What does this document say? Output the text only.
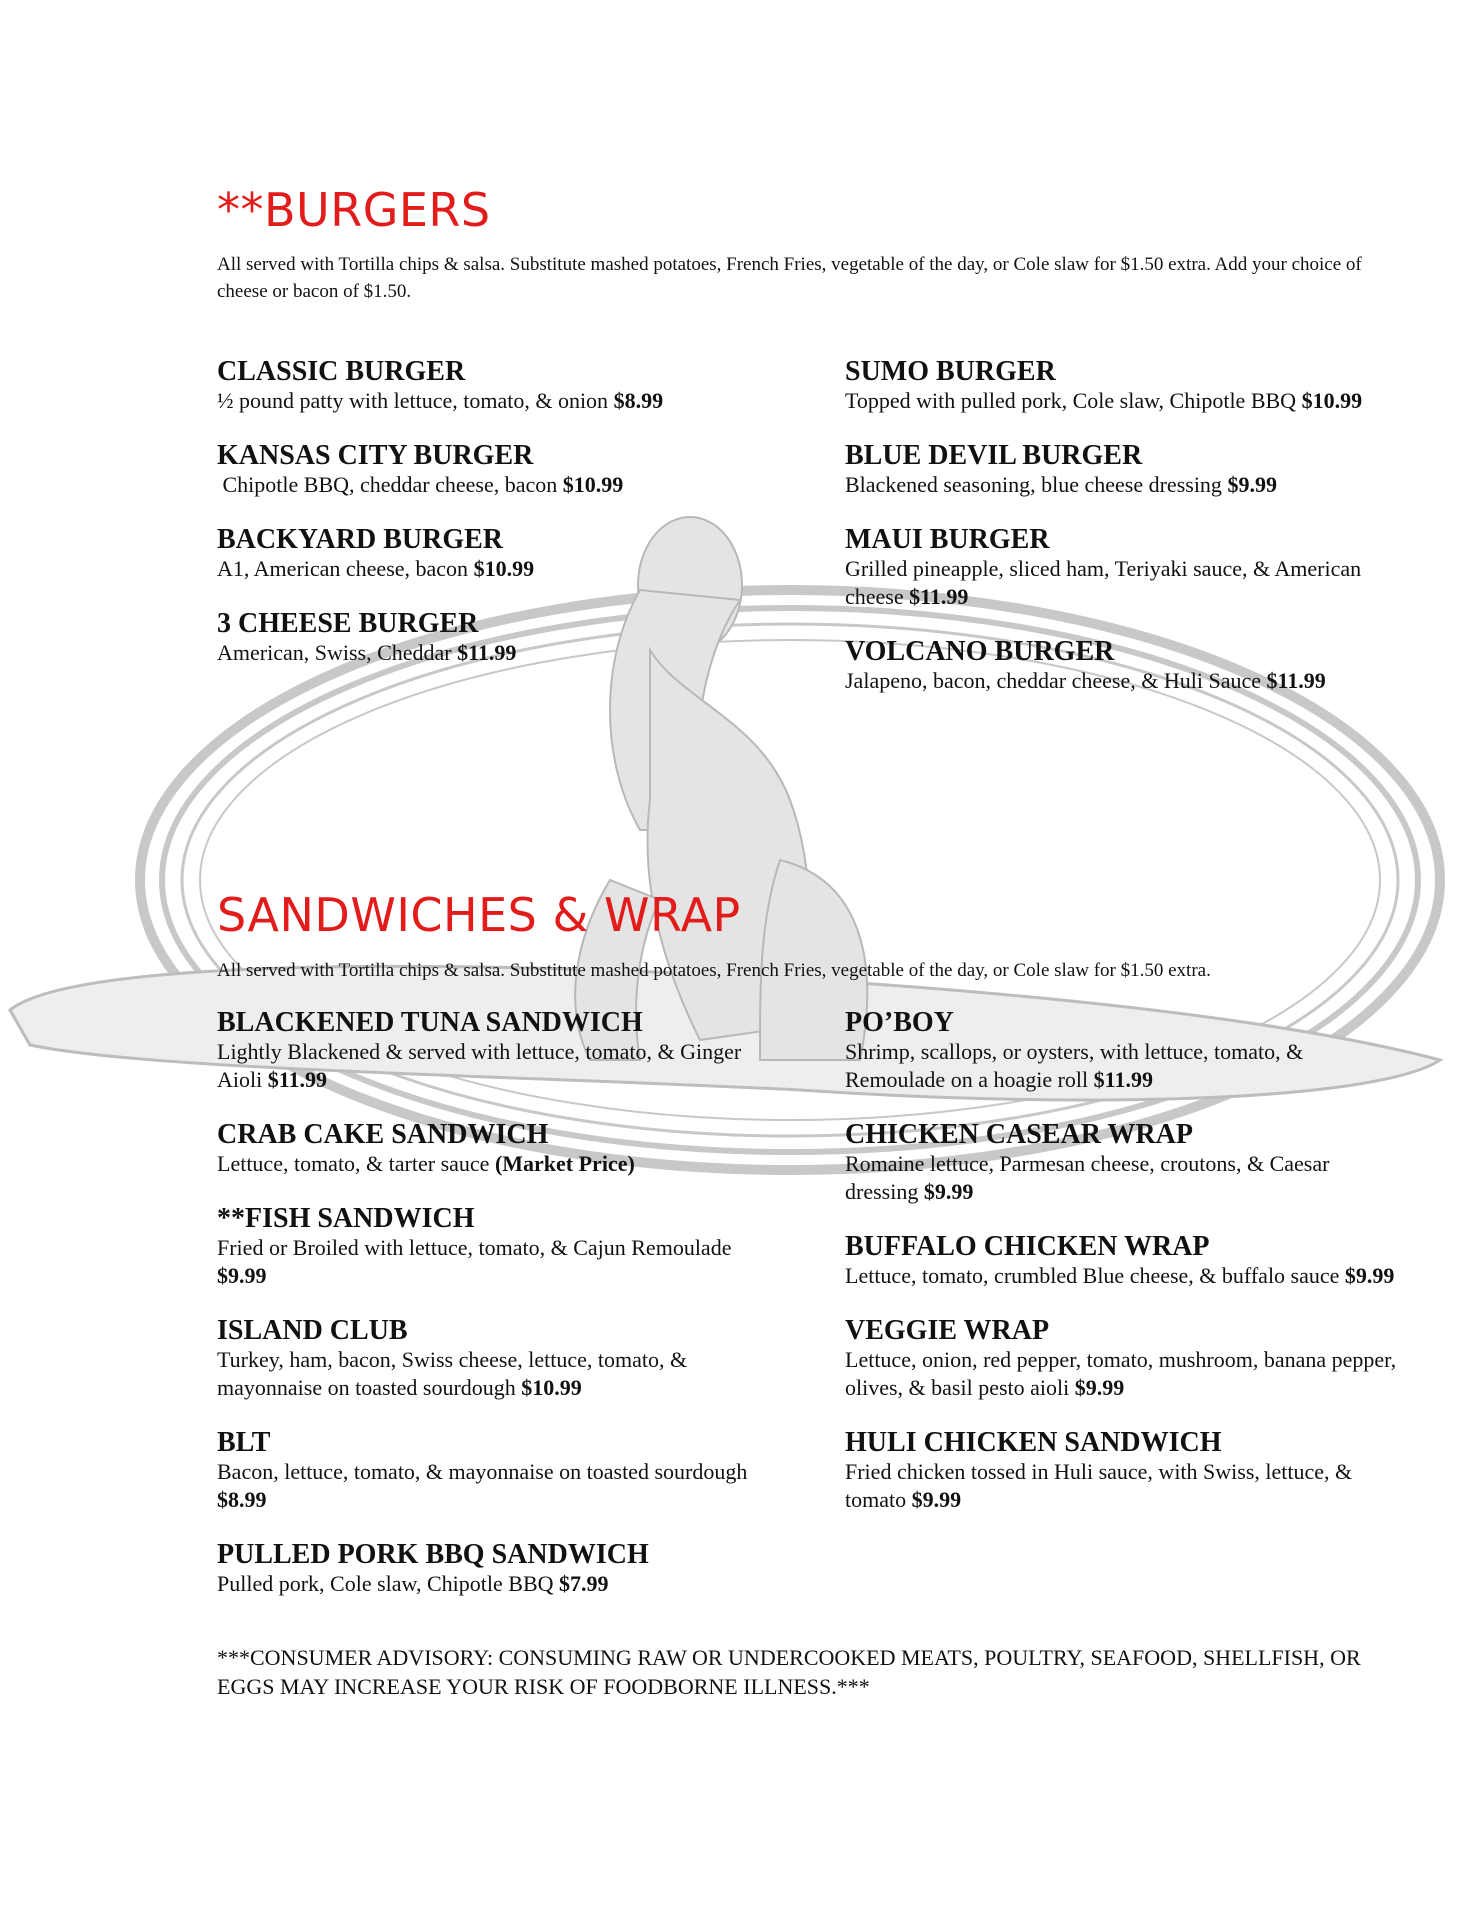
**BURGERS

All served with Tortilla chips & salsa. Substitute mashed potatoes, French Fries, vegetable of the day, or Cole slaw for $1.50 extra. Add your choice of cheese or bacon of $1.50.

CLASSIC BURGER
½ pound patty with lettuce, tomato, & onion $8.99
KANSAS CITY BURGER
Chipotle BBQ, cheddar cheese, bacon $10.99
BACKYARD BURGER
A1, American cheese, bacon $10.99
3 CHEESE BURGER
American, Swiss, Cheddar $11.99
SUMO BURGER
Topped with pulled pork, Cole slaw, Chipotle BBQ $10.99
BLUE DEVIL BURGER
Blackened seasoning, blue cheese dressing $9.99
MAUI BURGER
Grilled pineapple, sliced ham, Teriyaki sauce, & American cheese $11.99
VOLCANO BURGER
Jalapeno, bacon, cheddar cheese, & Huli Sauce $11.99
SANDWICHES & WRAP

All served with Tortilla chips & salsa. Substitute mashed potatoes, French Fries, vegetable of the day, or Cole slaw for $1.50 extra.

BLACKENED TUNA SANDWICH
Lightly Blackened & served with lettuce, tomato, & Ginger Aioli $11.99
CRAB CAKE SANDWICH
Lettuce, tomato, & tarter sauce (Market Price)
**FISH SANDWICH
Fried or Broiled with lettuce, tomato, & Cajun Remoulade $9.99
ISLAND CLUB
Turkey, ham, bacon, Swiss cheese, lettuce, tomato, & mayonnaise on toasted sourdough $10.99
BLT
Bacon, lettuce, tomato, & mayonnaise on toasted sourdough $8.99
PULLED PORK BBQ SANDWICH
Pulled pork, Cole slaw, Chipotle BBQ $7.99
PO’BOY
Shrimp, scallops, or oysters, with lettuce, tomato, & Remoulade on a hoagie roll $11.99
CHICKEN CASEAR WRAP
Romaine lettuce, Parmesan cheese, croutons, & Caesar dressing $9.99
BUFFALO CHICKEN WRAP
Lettuce, tomato, crumbled Blue cheese, & buffalo sauce $9.99
VEGGIE WRAP
Lettuce, onion, red pepper, tomato, mushroom, banana pepper, olives, & basil pesto aioli $9.99
HULI CHICKEN SANDWICH
Fried chicken tossed in Huli sauce, with Swiss, lettuce, & tomato $9.99

***CONSUMER ADVISORY: CONSUMING RAW OR UNDERCOOKED MEATS, POULTRY, SEAFOOD, SHELLFISH, OR EGGS MAY INCREASE YOUR RISK OF FOODBORNE ILLNESS.***
